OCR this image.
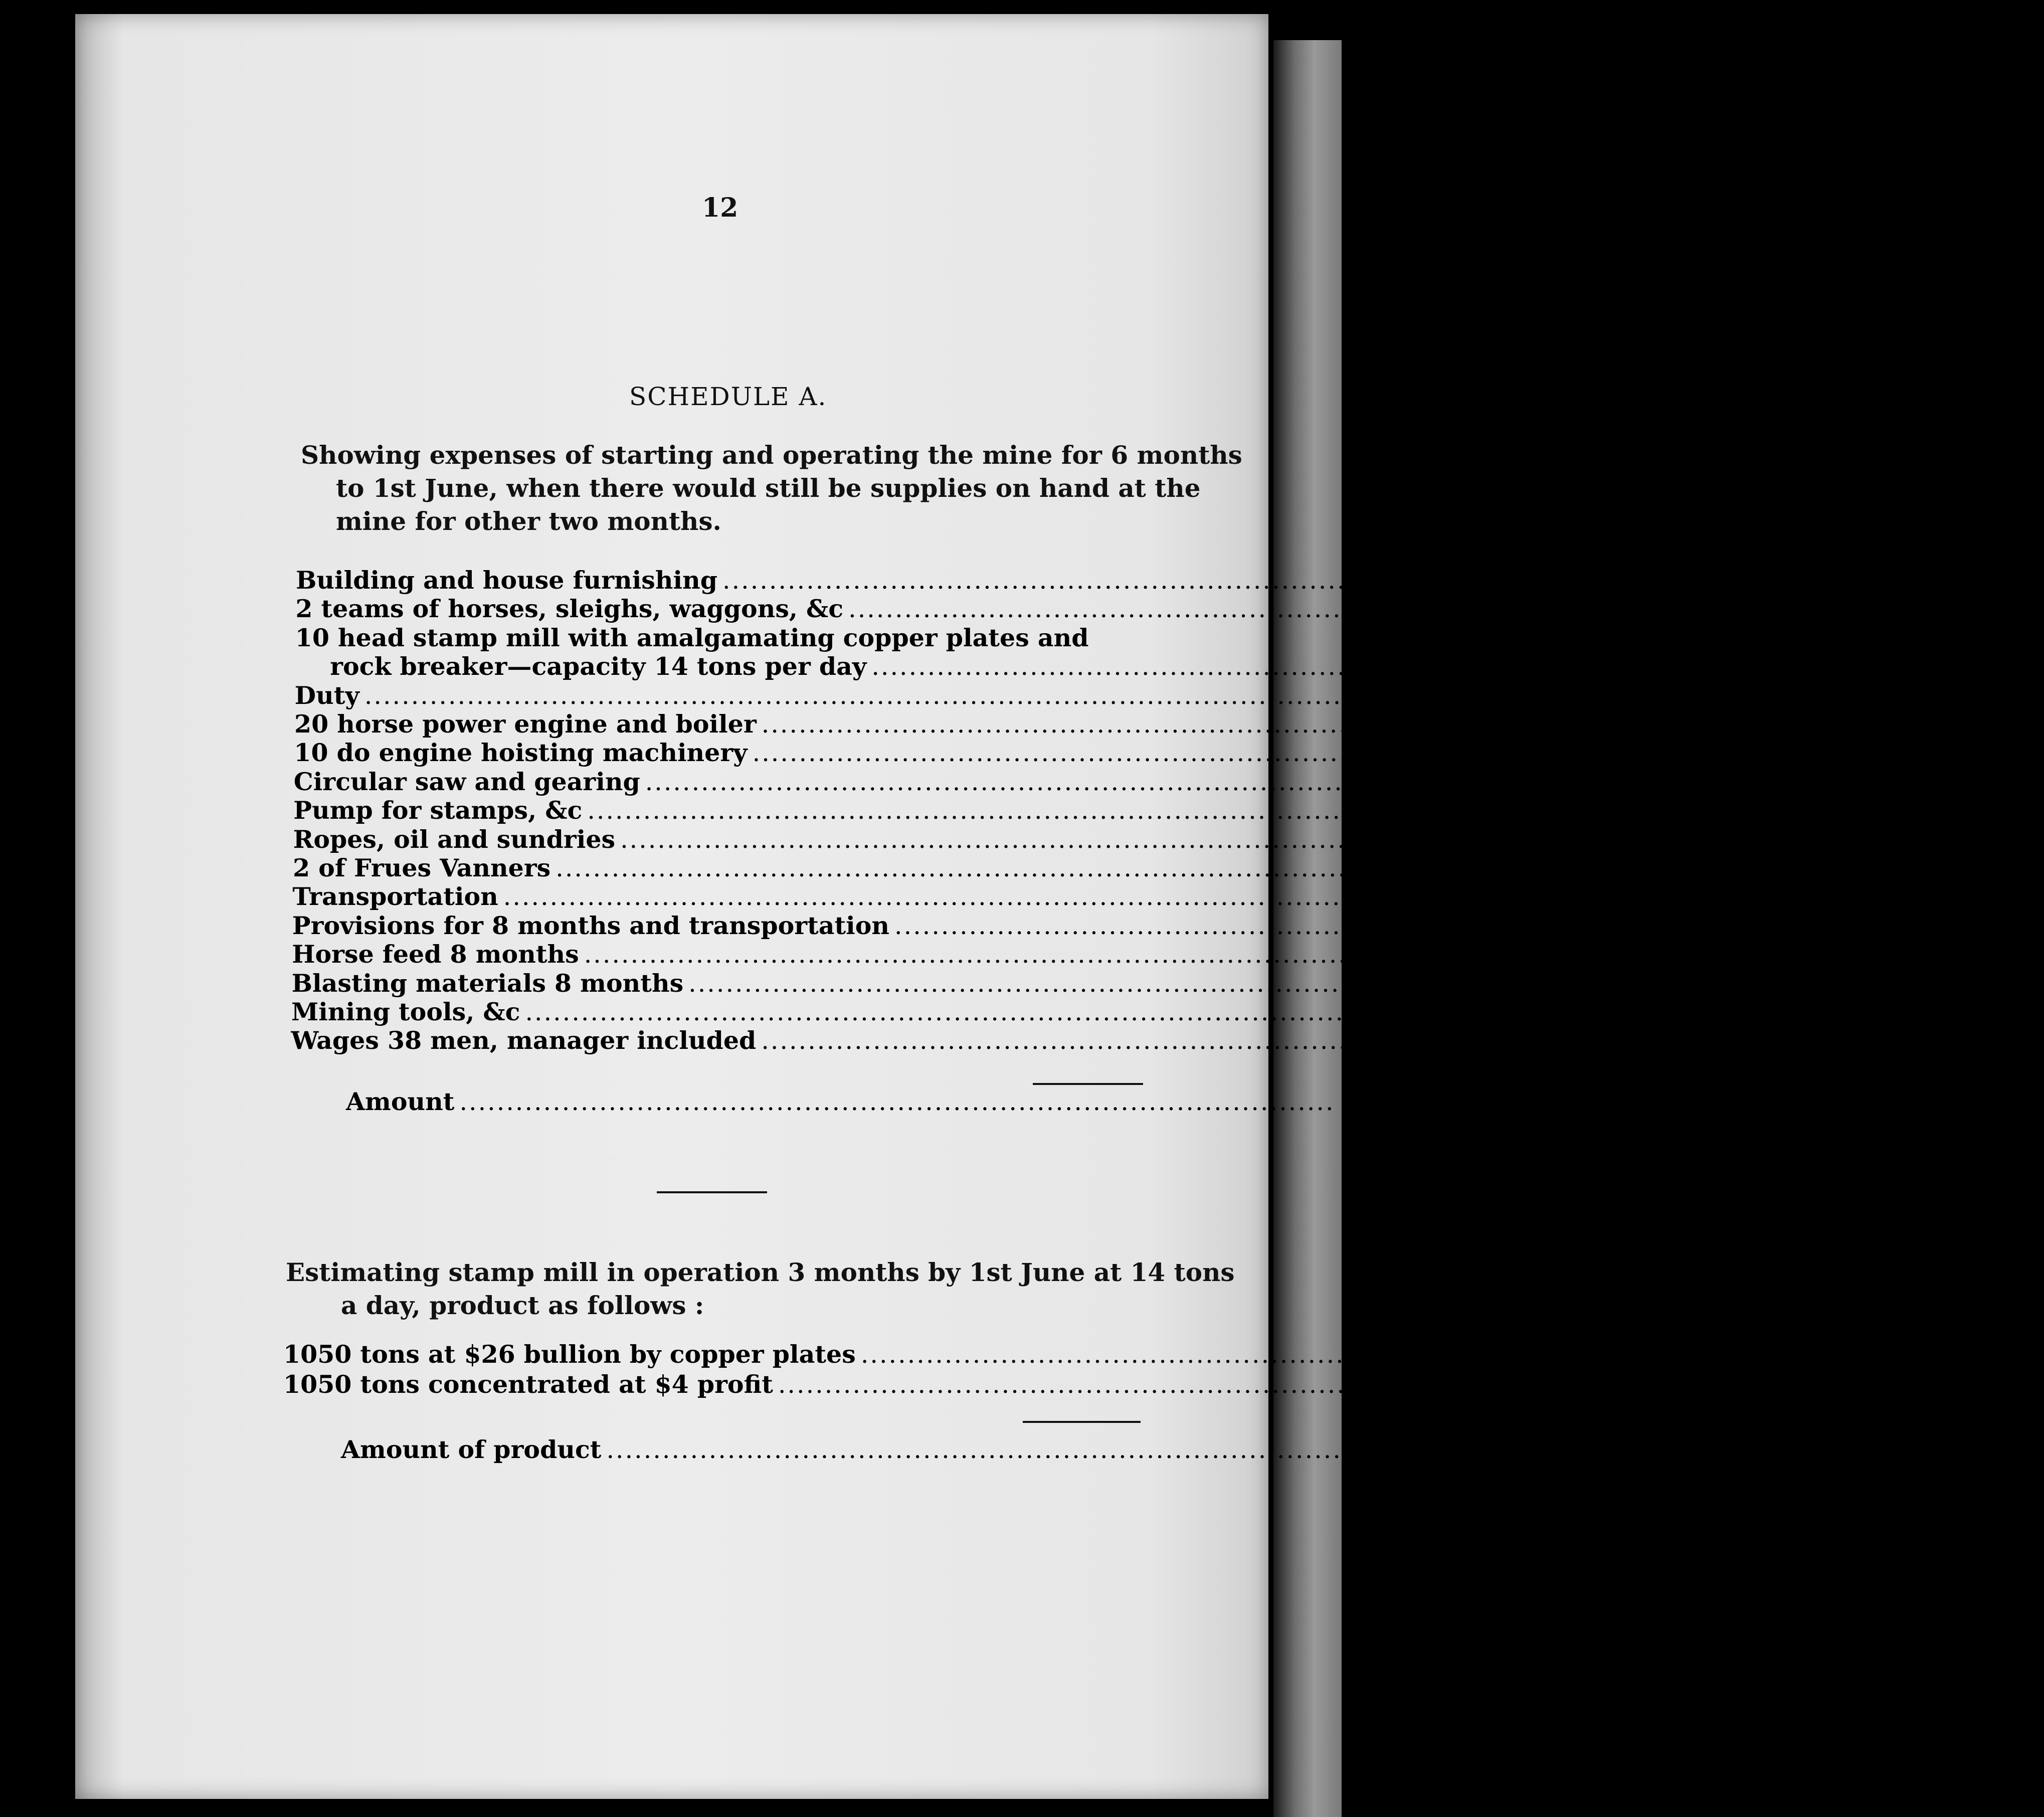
12
SCHEDULE A.
Showing expenses of starting and operating the mine for 6 months
to 1st June, when there would still be supplies on hand at the
mine for other two months.
Building and house furnishing ..............................................................................................................	$2,000
2 teams of horses, sleighs, waggons, &c ..............................................................................................................	800
10 head stamp mill with amalgamating copper plates and
rock breaker—capacity 14 tons per day ..............................................................................................................	2,830
Duty ..............................................................................................................	717½
20 horse power engine and boiler ..............................................................................................................	850
10 do engine hoisting machinery ..............................................................................................................	750
Circular saw and gearing ..............................................................................................................	150
Pump for stamps, &c ..............................................................................................................	150
Ropes, oil and sundries ..............................................................................................................	552½
2 of Frues Vanners ..............................................................................................................	2,000
Transportation ..............................................................................................................	1,226
Provisions for 8 months and transportation ..............................................................................................................	5,500
Horse feed 8 months ..............................................................................................................	800
Blasting materials 8 months ..............................................................................................................	1,500
Mining tools, &c ..............................................................................................................	1,000
Wages 38 men, manager included ..............................................................................................................	7,700
Amount .............................................................................................. $28,526
Estimating stamp mill in operation 3 months by 1st June at 14 tons
a day, product as follows :
1050 tons at $26 bullion by copper plates .............................................................................................. $27,300
1050 tons concentrated at $4 profit ..............................................................................................	4,200
Amount of product .............................................................................................. $31,500
